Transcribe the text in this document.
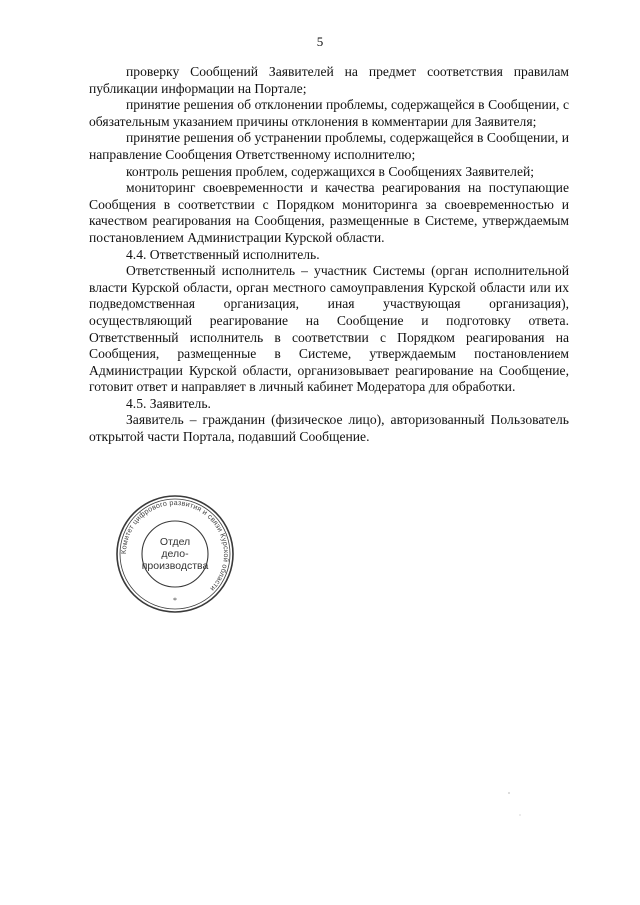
5

проверку Сообщений Заявителей на предмет соответствия правилам публикации информации на Портале;

принятие решения об отклонении проблемы, содержащейся в Сообщении, с обязательным указанием причины отклонения в комментарии для Заявителя;

принятие решения об устранении проблемы, содержащейся в Сообщении, и направление Сообщения Ответственному исполнителю;

контроль решения проблем, содержащихся в Сообщениях Заявителей;

мониторинг своевременности и качества реагирования на поступающие Сообщения в соответствии с Порядком мониторинга за своевременностью и качеством реагирования на Сообщения, размещенные в Системе, утверждаемым постановлением Администрации Курской области.

4.4. Ответственный исполнитель.

Ответственный исполнитель – участник Системы (орган исполнительной власти Курской области, орган местного самоуправления Курской области или их подведомственная организация, иная участвующая организация), осуществляющий реагирование на Сообщение и подготовку ответа. Ответственный исполнитель в соответствии с Порядком реагирования на Сообщения, размещенные в Системе, утверждаемым постановлением Администрации Курской области, организовывает реагирование на Сообщение, готовит ответ и направляет в личный кабинет Модератора для обработки.

4.5. Заявитель.

Заявитель – гражданин (физическое лицо), авторизованный Пользователь открытой части Портала, подавший Сообщение.

Комитет цифрового развития и связи Курской области
*
Отдел
дело-
производства
